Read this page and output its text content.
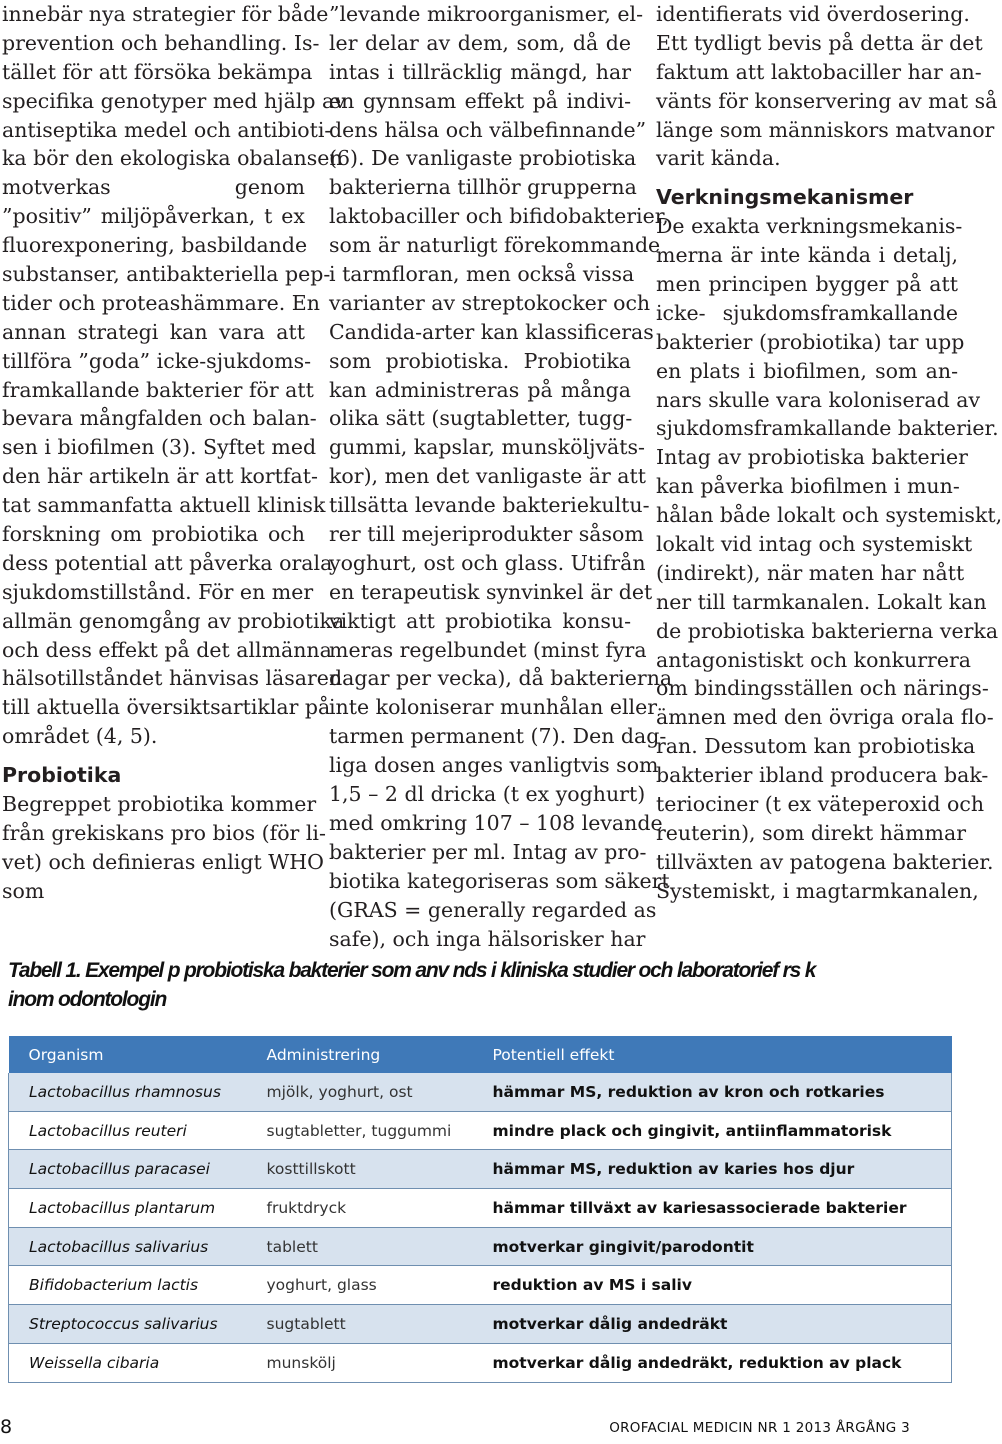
innebär nya strategier för både
prevention och behandling. Is-
tället för att försöka bekämpa
specifika genotyper med hjälp av
antiseptika medel och antibioti-
ka bör den ekologiska obalansen
motverkas genom
”positiv” miljöpåverkan, t ex
fluorexponering, basbildande
substanser, antibakteriella pep-
tider och proteashämmare. En
annan strategi kan vara att
tillföra ”goda” icke-sjukdoms-
framkallande bakterier för att
bevara mångfalden och balan-
sen i biofilmen (3). Syftet med
den här artikeln är att kortfat-
tat sammanfatta aktuell klinisk
forskning om probiotika och
dess potential att påverka orala
sjukdomstillstånd. För en mer
allmän genomgång av probiotika
och dess effekt på det allmänna
hälsotillståndet hänvisas läsaren
till aktuella översiktsartiklar på
området (4, 5).
Probiotika
Begreppet probiotika kommer
från grekiskans pro bios (för li-
vet) och definieras enligt WHO
som
”levande mikroorganismer, el-
ler delar av dem, som, då de
intas i tillräcklig mängd, har
en gynnsam effekt på indivi-
dens hälsa och välbefinnande”
(6). De vanligaste probiotiska
bakterierna tillhör grupperna
laktobaciller och bifidobakterier,
som är naturligt förekommande
i tarmfloran, men också vissa
varianter av streptokocker och
Candida-arter kan klassificeras
som probiotiska. Probiotika
kan administreras på många
olika sätt (sugtabletter, tugg-
gummi, kapslar, munsköljväts-
kor), men det vanligaste är att
tillsätta levande bakteriekultu-
rer till mejeriprodukter såsom
yoghurt, ost och glass. Utifrån
en terapeutisk synvinkel är det
viktigt att probiotika konsu-
meras regelbundet (minst fyra
dagar per vecka), då bakterierna
inte koloniserar munhålan eller
tarmen permanent (7). Den dag-
liga dosen anges vanligtvis som
1,5 – 2 dl dricka (t ex yoghurt)
med omkring 107 – 108 levande
bakterier per ml. Intag av pro-
biotika kategoriseras som säkert
(GRAS = generally regarded as
safe), och inga hälsorisker har
identifierats vid överdosering.
Ett tydligt bevis på detta är det
faktum att laktobaciller har an-
vänts för konservering av mat så
länge som människors matvanor
varit kända.
Verkningsmekanismer
De exakta verkningsmekanis-
merna är inte kända i detalj,
men principen bygger på att
icke- sjukdomsframkallande
bakterier (probiotika) tar upp
en plats i biofilmen, som an-
nars skulle vara koloniserad av
sjukdomsframkallande bakterier.
Intag av probiotiska bakterier
kan påverka biofilmen i mun-
hålan både lokalt och systemiskt,
lokalt vid intag och systemiskt
(indirekt), när maten har nått
ner till tarmkanalen. Lokalt kan
de probiotiska bakterierna verka
antagonistiskt och konkurrera
om bindingsställen och närings-
ämnen med den övriga orala flo-
ran. Dessutom kan probiotiska
bakterier ibland producera bak-
teriociner (t ex väteperoxid och
reuterin), som direkt hämmar
tillväxten av patogena bakterier.
Systemiskt, i magtarmkanalen,
Tabell 1. Exempel p probiotiska bakterier som anv nds i kliniska studier och laboratorief rs k
inom odontologin
Organism	Administrering	Potentiell effekt
Lactobacillus rhamnosus	mjölk, yoghurt, ost	hämmar MS, reduktion av kron och rotkaries
Lactobacillus reuteri	sugtabletter, tuggummi	mindre plack och gingivit, antiinflammatorisk
Lactobacillus paracasei	kosttillskott	hämmar MS, reduktion av karies hos djur
Lactobacillus plantarum	fruktdryck	hämmar tillväxt av kariesassocierade bakterier
Lactobacillus salivarius	tablett	motverkar gingivit/parodontit
Bifidobacterium lactis	yoghurt, glass	reduktion av MS i saliv
Streptococcus salivarius	sugtablett	motverkar dålig andedräkt
Weissella cibaria	munskölj	motverkar dålig andedräkt, reduktion av plack
8	OROFACIAL MEDICIN NR 1 2013 ÅRGÅNG 3
